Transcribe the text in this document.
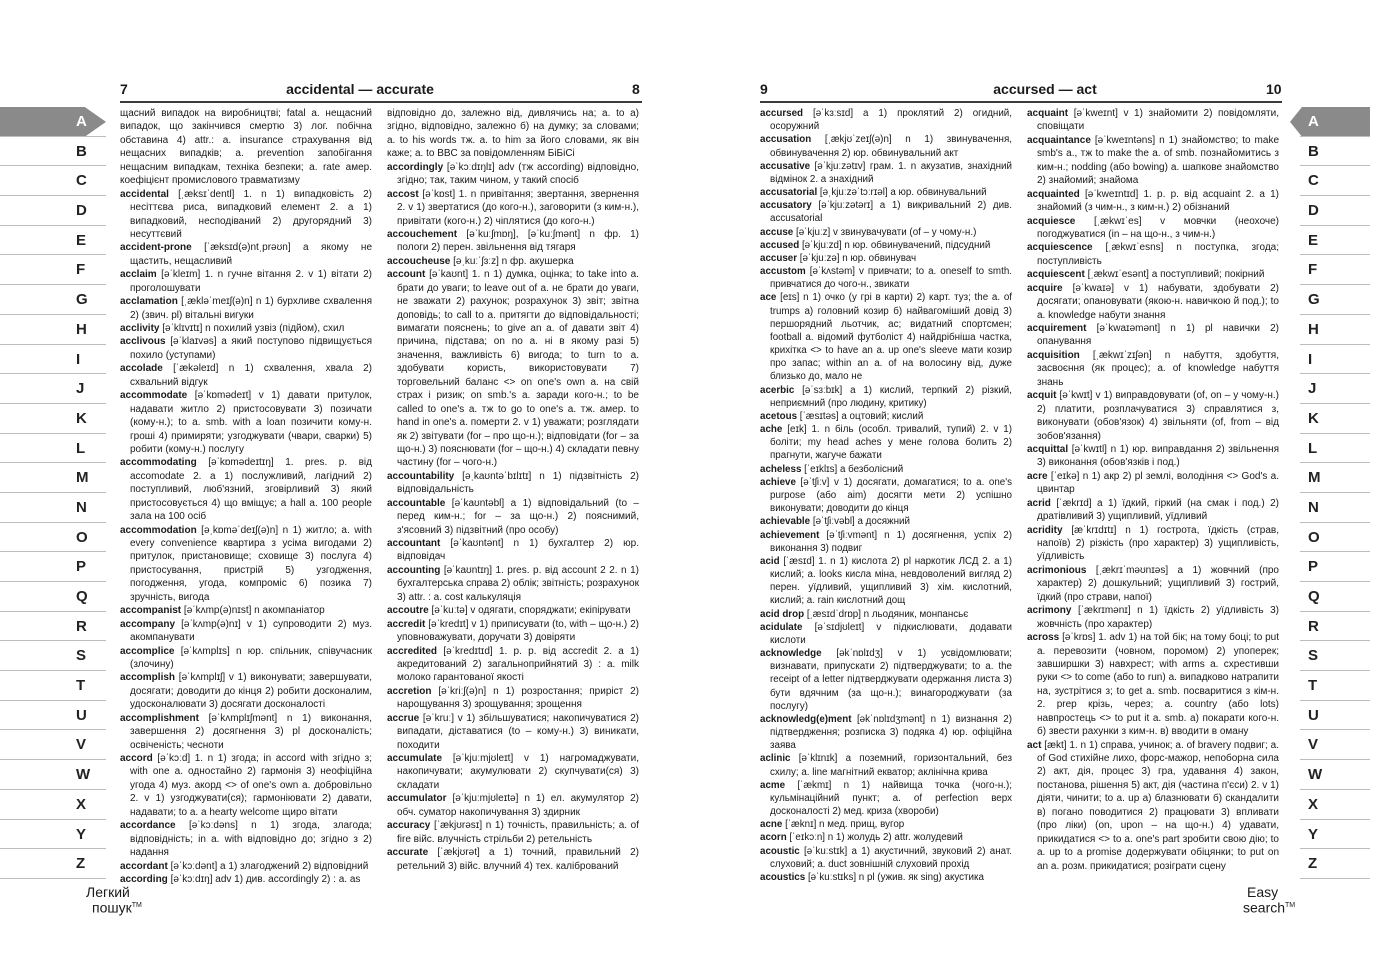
7	accidental — accurate	8
A
B
C
D
E
F
G
H
I
J
K
L
M
N
O
P
Q
R
S
T
U
V
W
X
Y
Z

щасний випадок на виробництві; fatal a. нещасний випадок, що закінчився смертю 3) лог. побічна обставина 4) attr.: a. insurance страхування від нещасних випадків; a. prevention запобігання нещасним випадкам, техніка безпеки; a. rate амер. коефіцієнт промислового травматизму

accidental [ˌæksɪˈdentl] 1. n 1) випадковість 2) несіттєва риса, випадковий елемент 2. a 1) випадковий, несподіваний 2) другорядний 3) несуттєвий

accident-prone [ˈæksɪd(ə)ntˌprəʊn] a якому не щастить, нещасливий

acclaim [əˈkleɪm] 1. n гучне вітання 2. v 1) вітати 2) проголошувати

acclamation [ˌækləˈmeɪʃ(ə)n] n 1) бурхливе схвалення 2) (звич. pl) вітальні вигуки

acclivity [əˈklɪvɪtɪ] n похилий узвіз (підйом), схил

acclivous [əˈklaɪvəs] a який поступово підвищується похило (уступами)

accolade [ˈækəleɪd] n 1) схвалення, хвала 2) схвальний відгук

accommodate [əˈkɒmədeɪt] v 1) давати притулок, надавати житло 2) пристосовувати 3) позичати (кому-н.); to a. smb. with a loan позичити кому-н. гроші 4) примиряти; узгоджувати (чвари, сварки) 5) робити (кому-н.) послугу

accommodating [əˈkɒmədeɪtɪŋ] 1. pres. p. від accomodate 2. a 1) послужливий, лагідний 2) поступливий, люб'язний, зговірливий 3) який пристосовується 4) що вміщує; a hall a. 100 people зала на 100 осіб

accommodation [əˌkɒməˈdeɪʃ(ə)n] n 1) житло; a. with every convenience квартира з усіма вигодами 2) притулок, пристановище; сховище 3) послуга 4) пристосування, пристрій 5) узгодження, погодження, угода, компроміс 6) позика 7) зручність, вигода

accompanist [əˈkʌmp(ə)nɪst] n акомпаніатор

accompany [əˈkʌmp(ə)nɪ] v 1) супроводити 2) муз. акомпанувати

accomplice [əˈkʌmplɪs] n юр. спільник, співучасник (злочину)

accomplish [əˈkʌmplɪʃ] v 1) виконувати; завершувати, досягати; доводити до кінця 2) робити досконалим, удосконалювати 3) досягати досконалості

accomplishment [əˈkʌmplɪʃmənt] n 1) виконання, завершення 2) досягнення 3) pl досконалість; освіченість; чесноти

accord [əˈkɔːd] 1. n 1) згода; in accord with згідно з; with one a. одностайно 2) гармонія 3) неофіційна угода 4) муз. акорд <> of one's own a. добровільно 2. v 1) узгоджувати(ся); гармоніювати 2) давати, надавати; to a. a hearty welcome щиро вітати

accordance [əˈkɔːdəns] n 1) згода, злагода; відповідність; in a. with відповідно до; згідно з 2) надання

accordant [əˈkɔːdənt] a 1) злагоджений 2) відповідний

according [əˈkɔːdɪŋ] adv 1) див. accordingly 2) : a. as

відповідно до, залежно від, дивлячись на; a. to a) згідно, відповідно, залежно б) на думку; за словами; a. to his words тж. a. to him за його словами, як він каже; a. to BBC за повідомленням БіБіСі

accordingly [əˈkɔːdɪŋlɪ] adv (тж according) відповідно, згідно; так, таким чином, у такий спосіб

accost [əˈkɒst] 1. n привітання; звертання, звернення 2. v 1) звертатися (до кого-н.), заговорити (з ким-н.), привітати (кого-н.) 2) чіплятися (до кого-н.)

accouchement [əˈkuːʃmɒŋ], [əˈkuːʃmənt] n фр. 1) пологи 2) перен. звільнення від тягаря

accoucheuse [əˌkuːˈʃɜːz] n фр. акушерка

account [əˈkaʊnt] 1. n 1) думка, оцінка; to take into a. брати до уваги; to leave out of a. не брати до уваги, не зважати 2) рахунок; розрахунок 3) звіт; звітна доповідь; to call to a. притягти до відповідальності; вимагати пояснень; to give an a. of давати звіт 4) причина, підстава; on no a. ні в якому разі 5) значення, важливість 6) вигода; to turn to a. здобувати користь, використовувати 7) торговельний баланс <> on one's own a. на свій страх і ризик; on smb.'s a. заради кого-н.; to be called to one's a. тж to go to one's a. тж. амер. to hand in one's a. померти 2. v 1) уважати; розглядати як 2) звітувати (for – про що-н.); відповідати (for – за що-н.) 3) пояснювати (for – що-н.) 4) складати певну частину (for – чого-н.)

accountability [əˌkaʊntəˈbɪlɪtɪ] n 1) підзвітність 2) відповідальність

accountable [əˈkaʊntəbl] a 1) відповідальний (to – перед ким-н.; for – за що-н.) 2) пояснимий, з'ясовний 3) підзвітний (про особу)

accountant [əˈkaʊntənt] n 1) бухгалтер 2) юр. відповідач

accounting [əˈkaʊntɪŋ] 1. pres. p. від account 2 2. n 1) бухгалтерська справа 2) облік; звітність; розрахунок 3) attr. : a. cost калькуляція

accoutre [əˈkuːtə] v одягати, споряджати; екіпірувати

accredit [əˈkredɪt] v 1) приписувати (to, with – що-н.) 2) уповноважувати, доручати 3) довіряти

accredited [əˈkredɪtɪd] 1. p. p. від accredit 2. a 1) акредитований 2) загальноприйнятий 3) : a. milk молоко гарантованої якості

accretion [əˈkriːʃ(ə)n] n 1) розростання; приріст 2) нарощування 3) зрощування; зрощення

accrue [əˈkruː] v 1) збільшуватися; накопичуватися 2) випадати, діставатися (to – кому-н.) 3) виникати, походити

accumulate [əˈkjuːmjʊleɪt] v 1) нагромаджувати, накопичувати; акумулювати 2) скупчувати(ся) 3) складати

accumulator [əˈkjuːmjʊleɪtə] n 1) ел. акумулятор 2) обч. суматор накопичування 3) здирник

accuracy [ˈækjʊrəsɪ] n 1) точність, правильність; a. of fire війс. влучність стрільби 2) ретельність

accurate [ˈækjʊrət] a 1) точний, правильний 2) ретельний 3) війс. влучний 4) тех. калібрований

Легкий
пошук™
9	accursed — act	10

accursed [əˈkɜːsɪd] a 1) проклятий 2) огидний, осоружний

accusation [ˌækjʊˈzeɪʃ(ə)n] n 1) звинувачення, обвинувачення 2) юр. обвинувальний акт

accusative [əˈkjuːzətɪv] грам. 1. n акузатив, знахідний відмінок 2. a знахідний

accusatorial [əˌkjuːzəˈtɔːrɪəl] a юр. обвинувальний

accusatory [əˈkjuːzətərɪ] a 1) викривальний 2) див. accusatorial

accuse [əˈkjuːz] v звинувачувати (of – у чому-н.)

accused [əˈkjuːzd] n юр. обвинувачений, підсудний

accuser [əˈkjuːzə] n юр. обвинувач

accustom [əˈkʌstəm] v привчати; to a. oneself to smth. привчатися до чого-н., звикати

ace [eɪs] n 1) очко (у грі в карти) 2) карт. туз; the a. of trumps a) головний козир б) найвагоміший довід 3) першорядний льотчик, ас; видатний спортсмен; football a. відомий футболіст 4) найдрібніша частка, крихітка <> to have an a. up one's sleeve мати козир про запас; within an a. of на волосину від, дуже близько до, мало не

acerbic [əˈsɜːbɪk] a 1) кислий, терпкий 2) різкий, неприємний (про людину, критику)

acetous [ˈæsɪtəs] a оцтовий; кислий

ache [eɪk] 1. n біль (особл. тривалий, тупий) 2. v 1) боліти; my head aches у мене голова болить 2) прагнути, жагуче бажати

acheless [ˈeɪklɪs] a безболісний

achieve [əˈtʃiːv] v 1) досягати, домагатися; to a. one's purpose (або aim) досягти мети 2) успішно виконувати; доводити до кінця

achievable [əˈtʃiːvəbl] a досяжний

achievement [əˈtʃiːvmənt] n 1) досягнення, успіх 2) виконання 3) подвиг

acid [ˈæsɪd] 1. n 1) кислота 2) pl наркотик ЛСД 2. a 1) кислий; a. looks кисла міна, невдоволений вигляд 2) перен. уїдливий, ущипливий 3) хім. кислотний, кислий; a. rain кислотний дощ

acid drop [ˌæsɪdˈdrɒp] n льодяник, монпансьє

acidulate [əˈsɪdjʊleɪt] v підкислювати, додавати кислоти

acknowledge [əkˈnɒlɪdʒ] v 1) усвідомлювати; визнавати, припускати 2) підтверджувати; to a. the receipt of a letter підтверджувати одержання листа 3) бути вдячним (за що-н.); винагороджувати (за послугу)

acknowledg(e)ment [əkˈnɒlɪdʒmənt] n 1) визнання 2) підтвердження; розписка 3) подяка 4) юр. офіційна заява

aclinic [əˈklɪnɪk] a поземний, горизонтальний, без схилу; a. line магнітний екватор; аклінічна крива

acme [ˈækmɪ] n 1) найвища точка (чого-н.); кульмінаційний пункт; a. of perfection верх досконалості 2) мед. криза (хвороби)

acne [ˈæknɪ] n мед. прищ, вугор

acorn [ˈeɪkɔːn] n 1) жолудь 2) attr. жолудевий

acoustic [əˈkuːstɪk] a 1) акустичний, звуковий 2) анат. слуховий; a. duct зовнішній слуховий прохід

acoustics [əˈkuːstɪks] n pl (ужив. як sing) акустика

acquaint [əˈkweɪnt] v 1) знайомити 2) повідомляти, сповіщати

acquaintance [əˈkweɪntəns] n 1) знайомство; to make smb's a., тж to make the a. of smb. познайомитись з ким-н.; nodding (або bowing) a. шапкове знайомство 2) знайомий; знайома

acquainted [əˈkweɪntɪd] 1. p. p. від acquaint 2. a 1) знайомий (з чим-н., з ким-н.) 2) обізнаний

acquiesce [ˌækwɪˈes] v мовчки (неохоче) погоджуватися (in – на що-н., з чим-н.)

acquiescence [ˌækwɪˈesns] n поступка, згода; поступливість

acquiescent [ˌækwɪˈesənt] a поступливий; покірний

acquire [əˈkwaɪə] v 1) набувати, здобувати 2) досягати; опановувати (якою-н. навичкою й под.); to a. knowledge набути знання

acquirement [əˈkwaɪəmənt] n 1) pl навички 2) опанування

acquisition [ˌækwɪˈzɪʃən] n набуття, здобуття, засвоєння (як процес); a. of knowledge набуття знань

acquit [əˈkwɪt] v 1) виправдовувати (of, on – у чому-н.) 2) платити, розплачуватися 3) справлятися з, виконувати (обов'язок) 4) звільняти (of, from – від зобов'язання)

acquittal [əˈkwɪtl] n 1) юр. виправдання 2) звільнення 3) виконання (обов'язків і под.)

acre [ˈeɪkə] n 1) акр 2) pl землі, володіння <> God's a. цвинтар

acrid [ˈækrɪd] a 1) їдкий, гіркий (на смак і под.) 2) дратівливий 3) ущипливий, уїдливий

acridity [æˈkrɪdɪtɪ] n 1) гострота, їдкість (страв, напоїв) 2) різкість (про характер) 3) ущипливість, уїдливість

acrimonious [ˌækrɪˈməʊnɪəs] a 1) жовчний (про характер) 2) дошкульний; ущипливий 3) гострий, їдкий (про страви, напої)

acrimony [ˈækrɪmənɪ] n 1) їдкість 2) уїдливість 3) жовчність (про характер)

across [əˈkrɒs] 1. adv 1) на той бік; на тому боці; to put a. перевозити (човном, поромом) 2) упоперек; завширшки 3) навхрест; with arms a. схрестивши руки <> to come (або to run) a. випадково натрапити на, зустрітися з; to get a. smb. посваритися з кім-н. 2. prep крізь, через; a. country (або lots) навпростець <> to put it a. smb. a) покарати кого-н. б) звести рахунки з ким-н. в) вводити в оману

act [ækt] 1. n 1) справа, учинок; a. of bravery подвиг; a. of God стихійне лихо, форс-мажор, непоборна сила 2) акт, дія, процес 3) гра, удавання 4) закон, постанова, рішення 5) акт, дія (частина п'єси) 2. v 1) діяти, чинити; to a. up a) блазнювати б) скандалити в) погано поводитися 2) працювати 3) впливати (про ліки) (on, upon – на що-н.) 4) удавати, прикидатися <> to a. one's part зробити свою дію; to a. up to a promise додержувати обіцянки; to put on an a. розм. прикидатися; розіграти сцену

A
B
C
D
E
F
G
H
I
J
K
L
M
N
O
P
Q
R
S
T
U
V
W
X
Y
Z
Easy
search™
